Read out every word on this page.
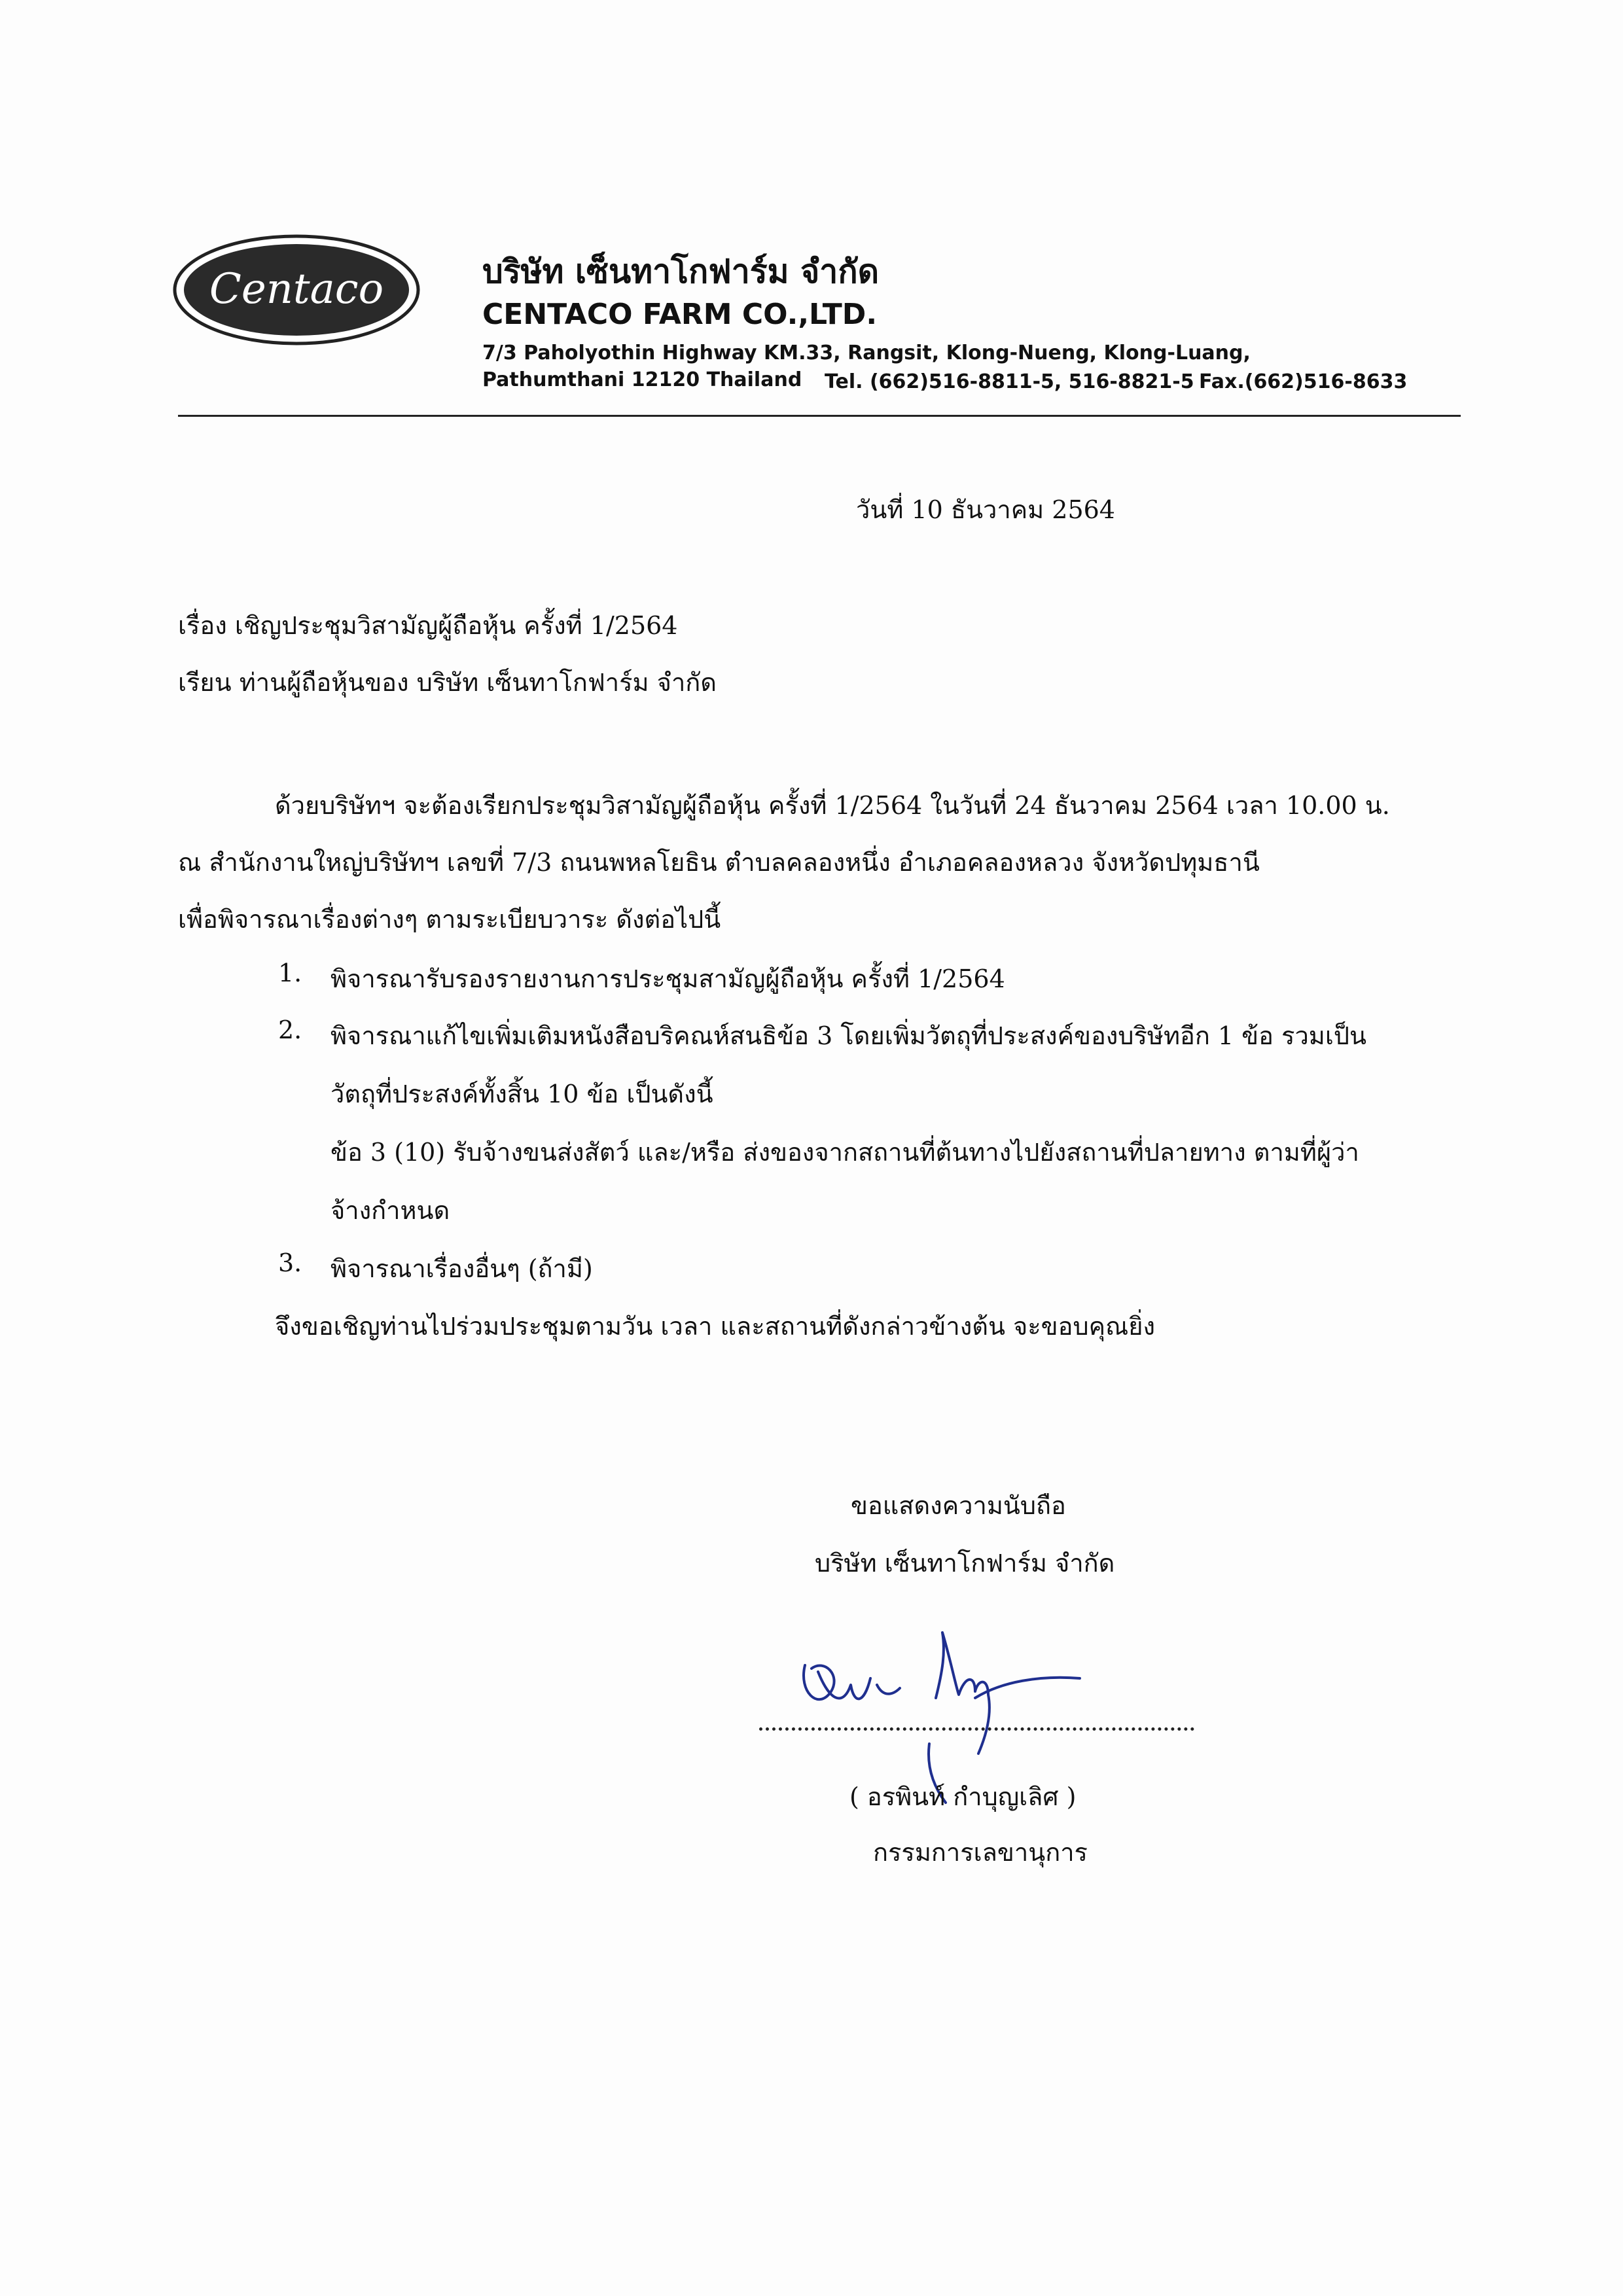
Centaco	บริษัท เซ็นทาโกฟาร์ม จำกัด
CENTACO FARM CO.,LTD.
7/3 Paholyothin Highway KM.33, Rangsit, Klong-Nueng, Klong-Luang,
Pathumthani 12120 Thailand Tel. (662)516-8811-5, 516-8821-5 Fax.(662)516-8633
วันที่ 10 ธันวาคม 2564
เรื่อง เชิญประชุมวิสามัญผู้ถือหุ้น ครั้งที่ 1/2564
เรียน ท่านผู้ถือหุ้นของ บริษัท เซ็นทาโกฟาร์ม จำกัด
ด้วยบริษัทฯ จะต้องเรียกประชุมวิสามัญผู้ถือหุ้น ครั้งที่ 1/2564 ในวันที่ 24 ธันวาคม 2564 เวลา 10.00 น.
ณ สำนักงานใหญ่บริษัทฯ เลขที่ 7/3 ถนนพหลโยธิน ตำบลคลองหนึ่ง อำเภอคลองหลวง จังหวัดปทุมธานี
เพื่อพิจารณาเรื่องต่างๆ ตามระเบียบวาระ ดังต่อไปนี้
1. พิจารณารับรองรายงานการประชุมสามัญผู้ถือหุ้น ครั้งที่ 1/2564
2. พิจารณาแก้ไขเพิ่มเติมหนังสือบริคณห์สนธิข้อ 3 โดยเพิ่มวัตถุที่ประสงค์ของบริษัทอีก 1 ข้อ รวมเป็น
วัตถุที่ประสงค์ทั้งสิ้น 10 ข้อ เป็นดังนี้
ข้อ 3 (10) รับจ้างขนส่งสัตว์ และ/หรือ ส่งของจากสถานที่ต้นทางไปยังสถานที่ปลายทาง ตามที่ผู้ว่า
จ้างกำหนด
3. พิจารณาเรื่องอื่นๆ (ถ้ามี)
จึงขอเชิญท่านไปร่วมประชุมตามวัน เวลา และสถานที่ดังกล่าวข้างต้น จะขอบคุณยิ่ง
ขอแสดงความนับถือ
บริษัท เซ็นทาโกฟาร์ม จำกัด
( อรพินท์ กำบุญเลิศ )
กรรมการเลขานุการ
